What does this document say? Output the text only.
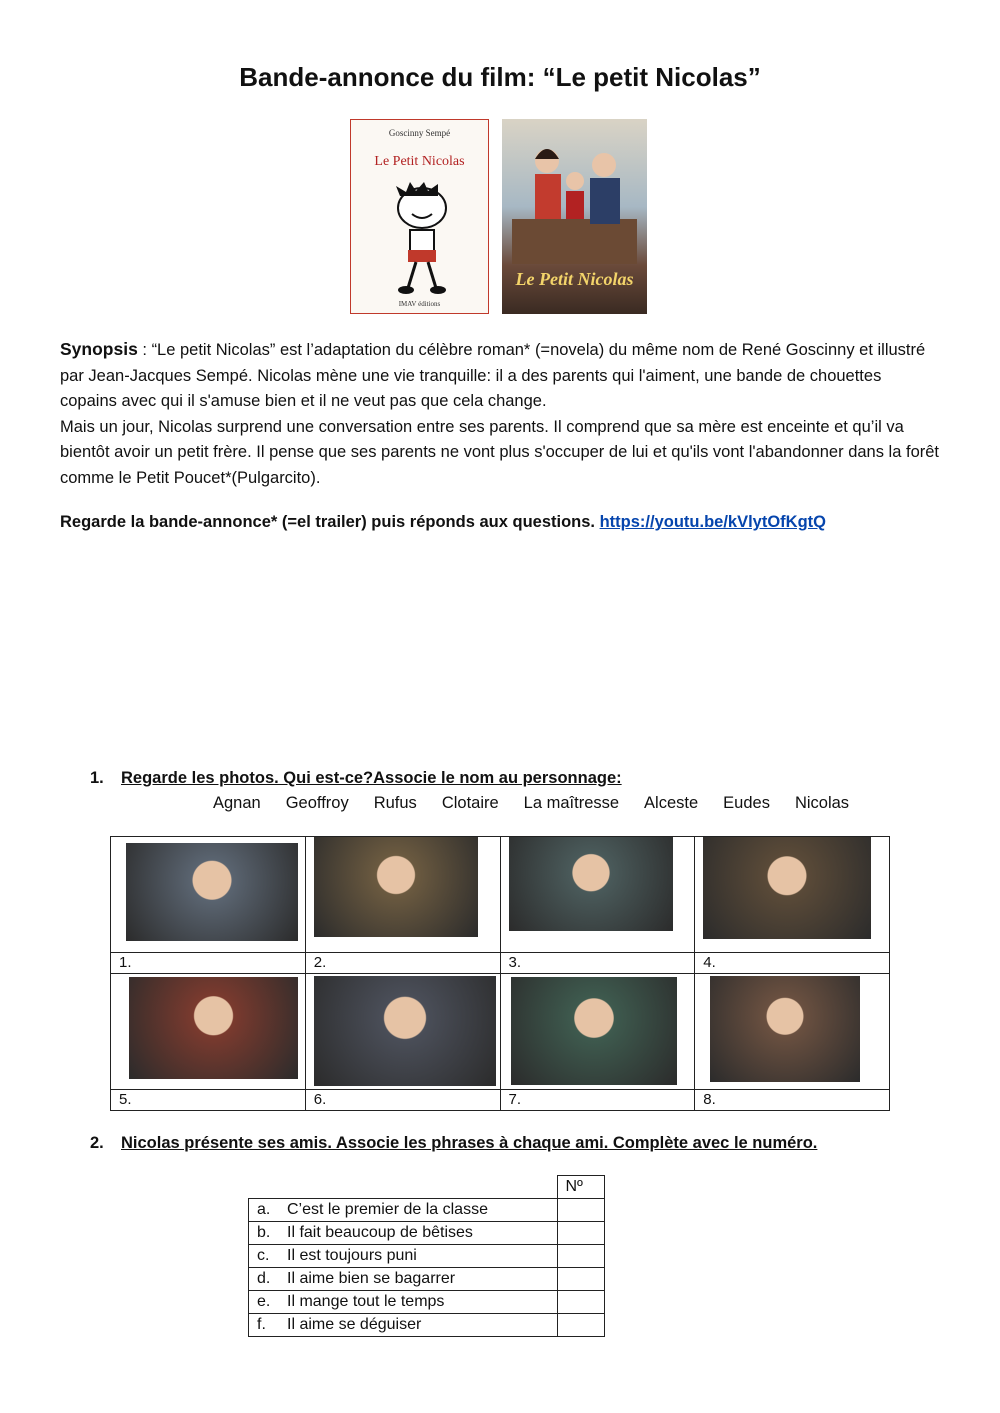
Bande-annonce du film: “Le petit Nicolas”
Goscinny Sempé
Le Petit Nicolas
IMAV éditions
Le Petit Nicolas
Synopsis : “Le petit Nicolas” est l’adaptation du célèbre roman* (=novela) du même nom de René Goscinny et illustré par Jean-Jacques Sempé. Nicolas mène une vie tranquille: il a des parents qui l'aiment, une bande de chouettes copains avec qui il s'amuse bien et il ne veut pas que cela change.
Mais un jour, Nicolas surprend une conversation entre ses parents. Il comprend que sa mère est enceinte et qu’il va bientôt avoir un petit frère. Il pense que ses parents ne vont plus s'occuper de lui et qu'ils vont l'abandonner dans la forêt comme le Petit Poucet*(Pulgarcito).
Regarde la bande-annonce* (=el trailer) puis réponds aux questions. https://youtu.be/kVlytOfKgtQ
1. Regarde les photos. Qui est-ce?Associe le nom au personnage:
Agnan Geoffroy Rufus Clotaire La maîtresse Alceste Eudes Nicolas

1.	2.	3.	4.

5.	6.	7.	8.
2. Nicolas présente ses amis. Associe les phrases à chaque ami. Complète avec le numéro.
	Nº
a. C’est le premier de la classe	
b. Il fait beaucoup de bêtises	
c. Il est toujours puni	
d. Il aime bien se bagarrer	
e. Il mange tout le temps	
f. Il aime se déguiser	
